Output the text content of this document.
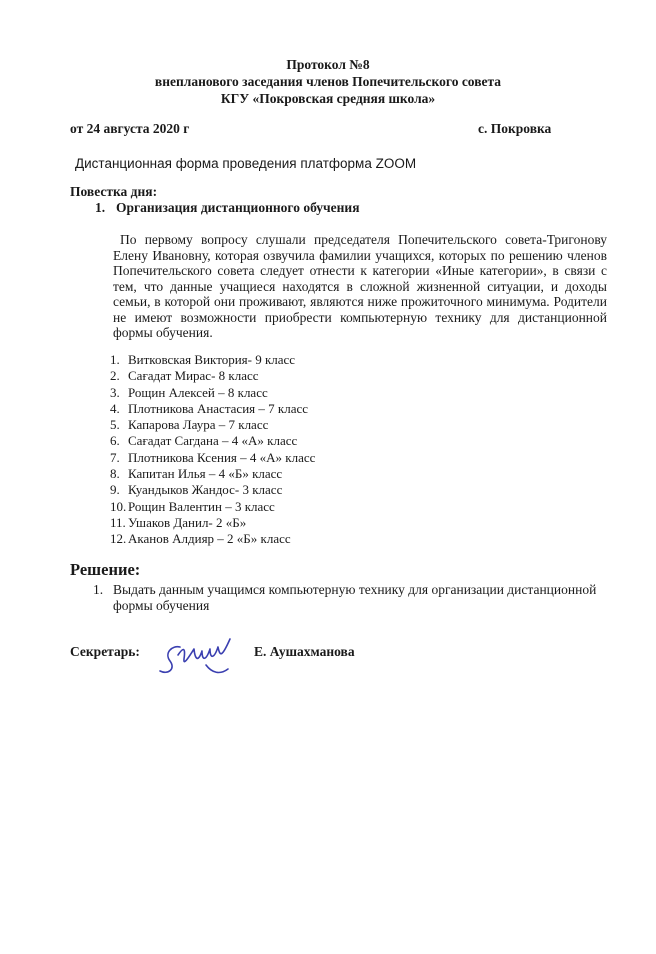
Протокол №8
внепланового заседания членов Попечительского совета
КГУ «Покровская средняя школа»
от 24 августа 2020 г	с. Покровка
Дистанционная форма проведения платформа ZOOM
Повестка дня:
1. Организация дистанционного обучения
По первому вопросу слушали председателя Попечительского совета-Тригонову Елену Ивановну, которая озвучила фамилии учащихся, которых по решению членов Попечительского совета следует отнести к категории «Иные категории», в связи с тем, что данные учащиеся находятся в сложной жизненной ситуации, и доходы семьи, в которой они проживают, являются ниже прожиточного минимума. Родители не имеют возможности приобрести компьютерную технику для дистанционной формы обучения.
1. Витковская Виктория- 9 класс
2. Сағадат Мирас- 8 класс
3. Рощин Алексей – 8 класс
4. Плотникова Анастасия – 7 класс
5. Капарова Лаура – 7 класс
6. Сағадат Сагдана – 4 «А» класс
7. Плотникова Ксения – 4 «А» класс
8. Капитан Илья – 4 «Б» класс
9. Куандыков Жандос- 3 класс
10. Рощин Валентин – 3 класс
11. Ушаков Данил- 2 «Б»
12. Аканов Алдияр – 2 «Б» класс
Решение:
1. Выдать данным учащимся компьютерную технику для организации дистанционной формы обучения
Секретарь:	Е. Аушахманова
